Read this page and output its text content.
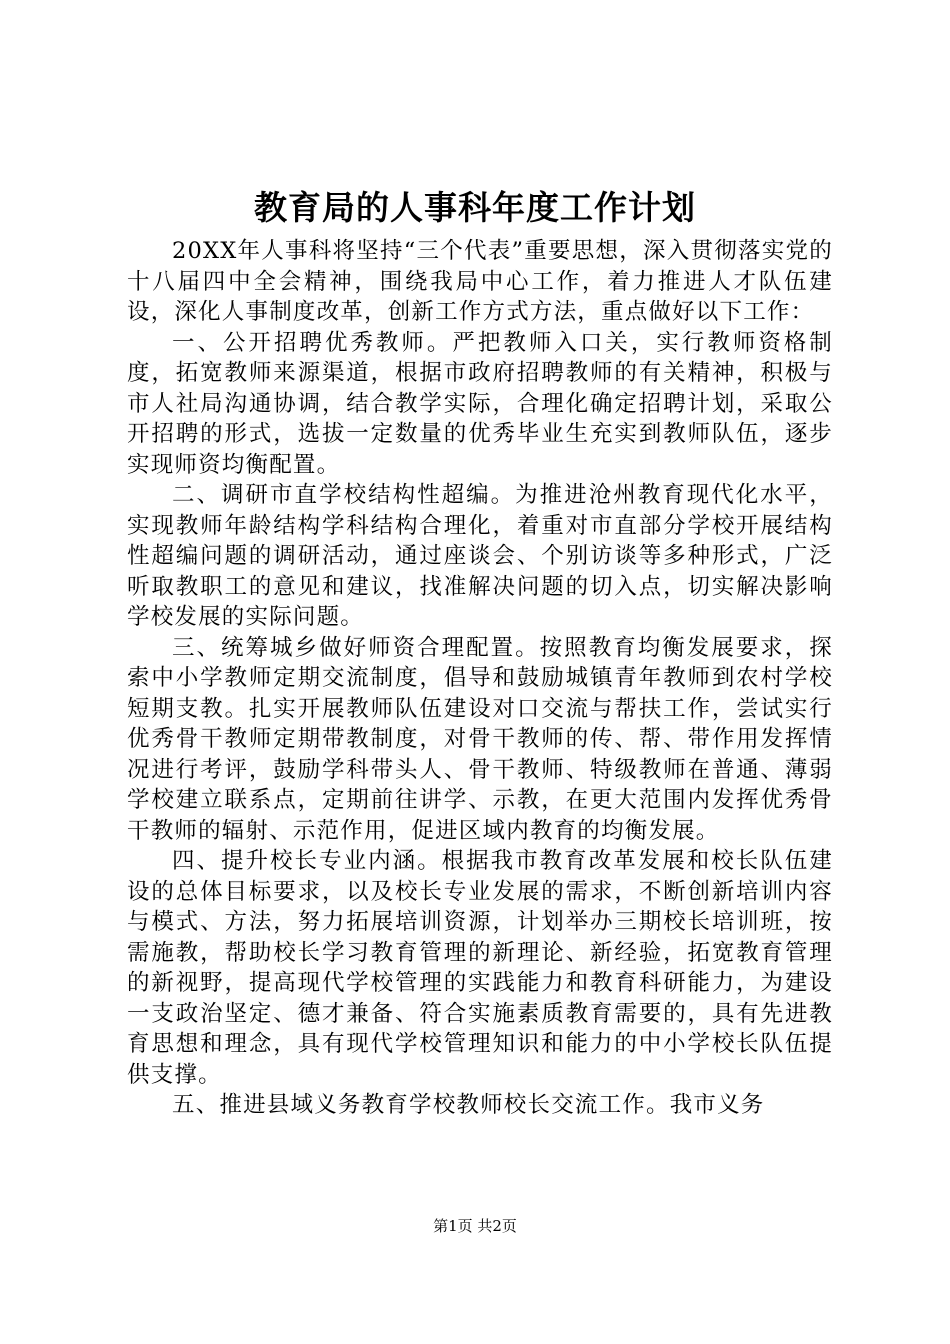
教育局的人事科年度工作计划

20XX年人事科将坚持“三个代表”重要思想，深入贯彻落实党的十八届四中全会精神，围绕我局中心工作，着力推进人才队伍建设，深化人事制度改革，创新工作方式方法，重点做好以下工作：

一、公开招聘优秀教师。严把教师入口关，实行教师资格制度，拓宽教师来源渠道，根据市政府招聘教师的有关精神，积极与市人社局沟通协调，结合教学实际，合理化确定招聘计划，采取公开招聘的形式，选拔一定数量的优秀毕业生充实到教师队伍，逐步实现师资均衡配置。

二、调研市直学校结构性超编。为推进沧州教育现代化水平，实现教师年龄结构学科结构合理化，着重对市直部分学校开展结构性超编问题的调研活动，通过座谈会、个别访谈等多种形式，广泛听取教职工的意见和建议，找准解决问题的切入点，切实解决影响学校发展的实际问题。

三、统筹城乡做好师资合理配置。按照教育均衡发展要求，探索中小学教师定期交流制度，倡导和鼓励城镇青年教师到农村学校短期支教。扎实开展教师队伍建设对口交流与帮扶工作，尝试实行优秀骨干教师定期带教制度，对骨干教师的传、帮、带作用发挥情况进行考评，鼓励学科带头人、骨干教师、特级教师在普通、薄弱学校建立联系点，定期前往讲学、示教，在更大范围内发挥优秀骨干教师的辐射、示范作用，促进区域内教育的均衡发展。

四、提升校长专业内涵。根据我市教育改革发展和校长队伍建设的总体目标要求，以及校长专业发展的需求，不断创新培训内容与模式、方法，努力拓展培训资源，计划举办三期校长培训班，按需施教，帮助校长学习教育管理的新理论、新经验，拓宽教育管理的新视野，提高现代学校管理的实践能力和教育科研能力，为建设一支政治坚定、德才兼备、符合实施素质教育需要的，具有先进教育思想和理念，具有现代学校管理知识和能力的中小学校长队伍提供支撑。

五、推进县域义务教育学校教师校长交流工作。我市义务

第1页 共2页
